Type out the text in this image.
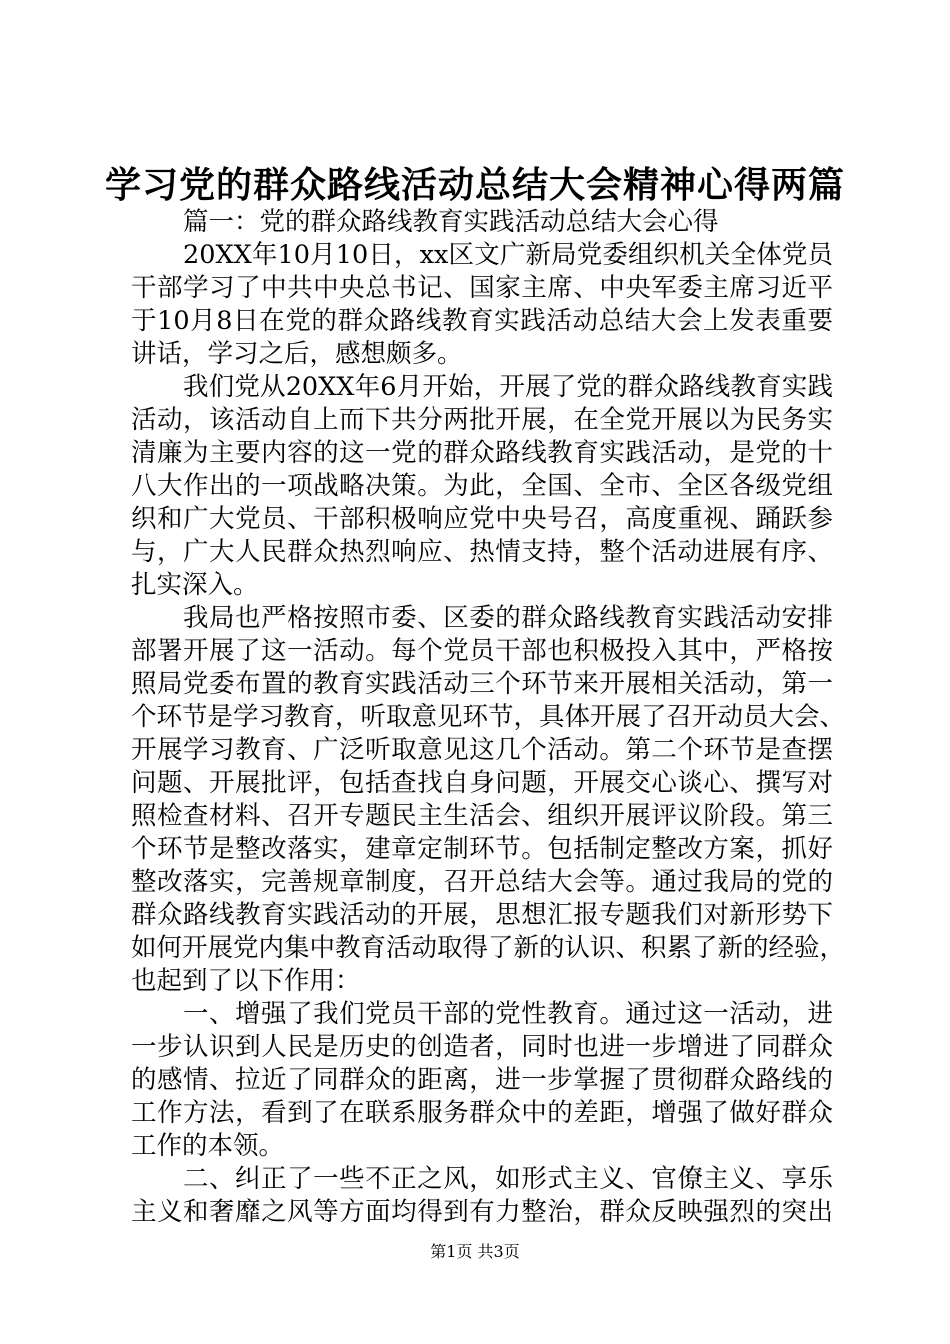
学习党的群众路线活动总结大会精神心得两篇
篇一：党的群众路线教育实践活动总结大会心得
20XX年10月10日，xx区文广新局党委组织机关全体党员
干部学习了中共中央总书记、国家主席、中央军委主席习近平
于10月8日在党的群众路线教育实践活动总结大会上发表重要
讲话，学习之后，感想颇多。
我们党从20XX年6月开始，开展了党的群众路线教育实践
活动，该活动自上而下共分两批开展，在全党开展以为民务实
清廉为主要内容的这一党的群众路线教育实践活动，是党的十
八大作出的一项战略决策。为此，全国、全市、全区各级党组
织和广大党员、干部积极响应党中央号召，高度重视、踊跃参
与，广大人民群众热烈响应、热情支持，整个活动进展有序、
扎实深入。
我局也严格按照市委、区委的群众路线教育实践活动安排
部署开展了这一活动。每个党员干部也积极投入其中，严格按
照局党委布置的教育实践活动三个环节来开展相关活动，第一
个环节是学习教育，听取意见环节，具体开展了召开动员大会、
开展学习教育、广泛听取意见这几个活动。第二个环节是查摆
问题、开展批评，包括查找自身问题，开展交心谈心、撰写对
照检查材料、召开专题民主生活会、组织开展评议阶段。第三
个环节是整改落实，建章定制环节。包括制定整改方案，抓好
整改落实，完善规章制度，召开总结大会等。通过我局的党的
群众路线教育实践活动的开展，思想汇报专题我们对新形势下
如何开展党内集中教育活动取得了新的认识、积累了新的经验，
也起到了以下作用：
一、增强了我们党员干部的党性教育。通过这一活动，进
一步认识到人民是历史的创造者，同时也进一步增进了同群众
的感情、拉近了同群众的距离，进一步掌握了贯彻群众路线的
工作方法，看到了在联系服务群众中的差距，增强了做好群众
工作的本领。
二、纠正了一些不正之风，如形式主义、官僚主义、享乐
主义和奢靡之风等方面均得到有力整治，群众反映强烈的突出
第1页 共3页
